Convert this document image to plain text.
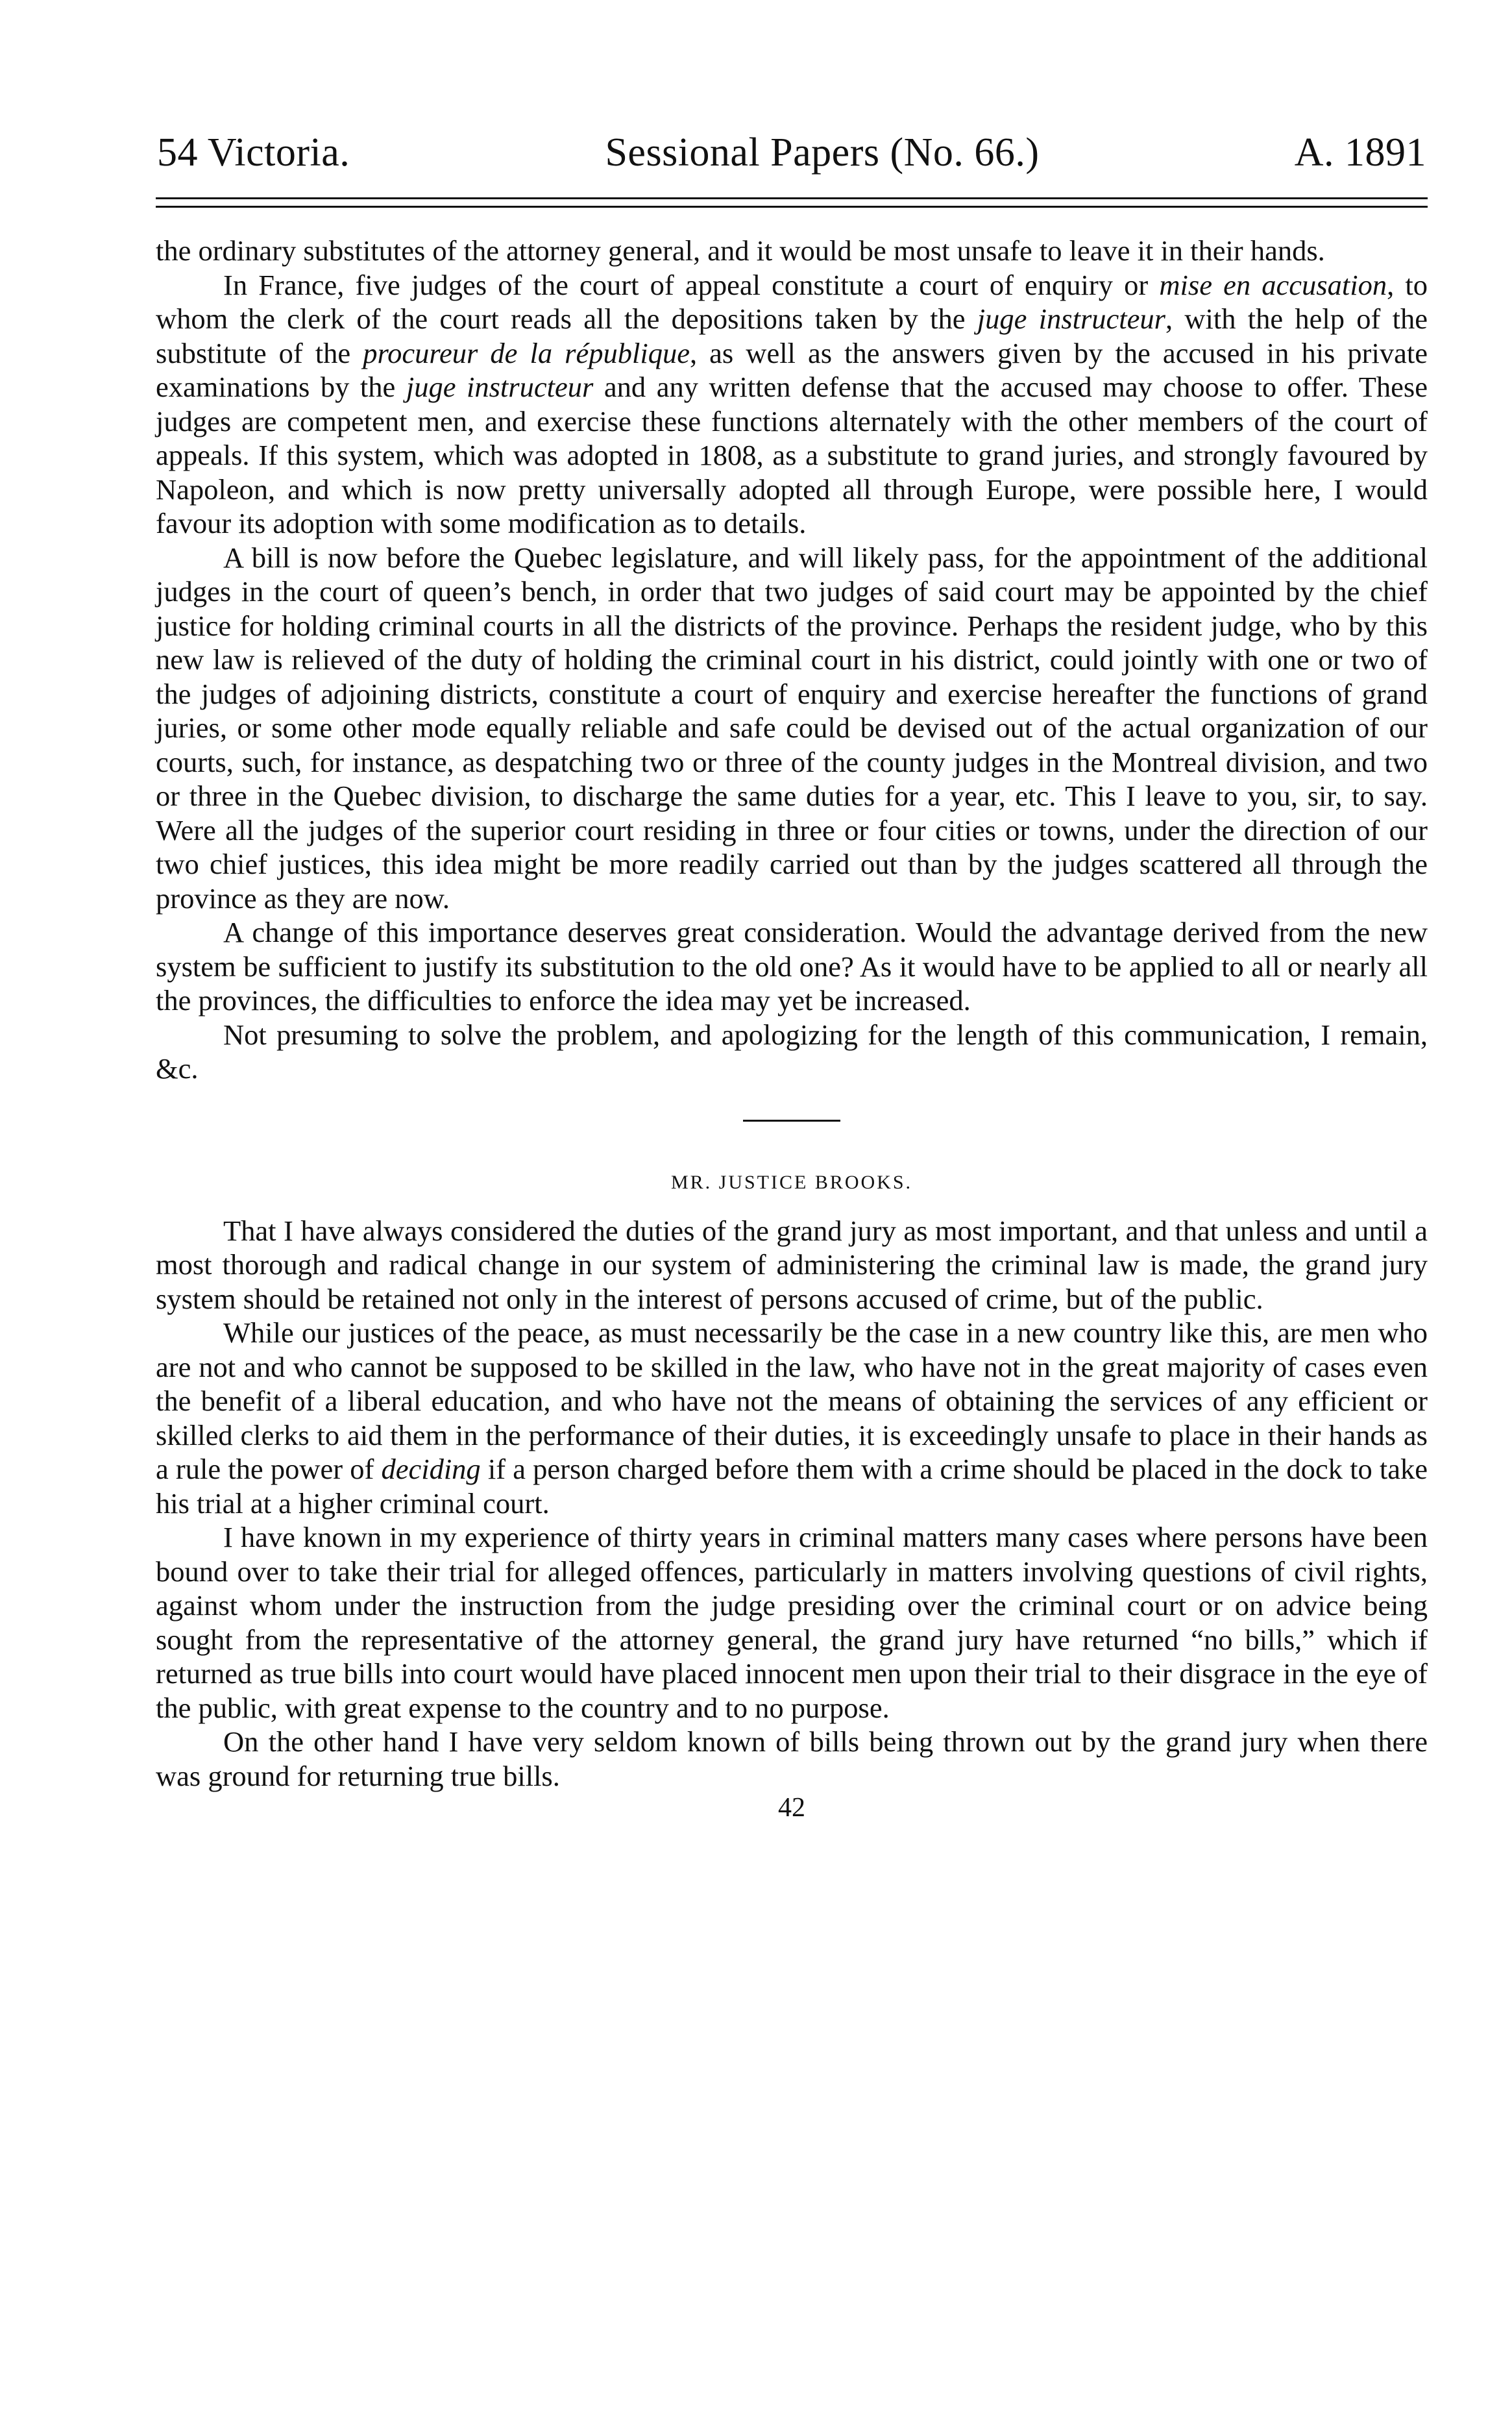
54 Victoria.	Sessional Papers (No. 66.)	A. 1891

the ordinary substitutes of the attorney general, and it would be most unsafe to leave it in their hands.

In France, five judges of the court of appeal constitute a court of enquiry or mise en accusation, to whom the clerk of the court reads all the depositions taken by the juge instructeur, with the help of the substitute of the procureur de la république, as well as the answers given by the accused in his private examinations by the juge instructeur and any written defense that the accused may choose to offer. These judges are competent men, and exercise these functions alternately with the other members of the court of appeals. If this system, which was adopted in 1808, as a substitute to grand juries, and strongly favoured by Napoleon, and which is now pretty universally adopted all through Europe, were possible here, I would favour its adoption with some modification as to details.

A bill is now before the Quebec legislature, and will likely pass, for the appointment of the additional judges in the court of queen’s bench, in order that two judges of said court may be appointed by the chief justice for holding criminal courts in all the districts of the province. Perhaps the resident judge, who by this new law is relieved of the duty of holding the criminal court in his district, could jointly with one or two of the judges of adjoining districts, constitute a court of enquiry and exercise hereafter the functions of grand juries, or some other mode equally reliable and safe could be devised out of the actual organization of our courts, such, for instance, as despatching two or three of the county judges in the Montreal division, and two or three in the Quebec division, to discharge the same duties for a year, etc. This I leave to you, sir, to say. Were all the judges of the superior court residing in three or four cities or towns, under the direction of our two chief justices, this idea might be more readily carried out than by the judges scattered all through the province as they are now.

A change of this importance deserves great consideration. Would the advantage derived from the new system be sufficient to justify its substitution to the old one? As it would have to be applied to all or nearly all the provinces, the difficulties to enforce the idea may yet be increased.

Not presuming to solve the problem, and apologizing for the length of this communication, I remain, &c.

MR. JUSTICE BROOKS.

That I have always considered the duties of the grand jury as most important, and that unless and until a most thorough and radical change in our system of administering the criminal law is made, the grand jury system should be retained not only in the interest of persons accused of crime, but of the public.

While our justices of the peace, as must necessarily be the case in a new country like this, are men who are not and who cannot be supposed to be skilled in the law, who have not in the great majority of cases even the benefit of a liberal education, and who have not the means of obtaining the services of any efficient or skilled clerks to aid them in the performance of their duties, it is exceedingly unsafe to place in their hands as a rule the power of deciding if a person charged before them with a crime should be placed in the dock to take his trial at a higher criminal court.

I have known in my experience of thirty years in criminal matters many cases where persons have been bound over to take their trial for alleged offences, particularly in matters involving questions of civil rights, against whom under the instruction from the judge presiding over the criminal court or on advice being sought from the representative of the attorney general, the grand jury have returned “no bills,” which if returned as true bills into court would have placed innocent men upon their trial to their disgrace in the eye of the public, with great expense to the country and to no purpose.

On the other hand I have very seldom known of bills being thrown out by the grand jury when there was ground for returning true bills.

42
